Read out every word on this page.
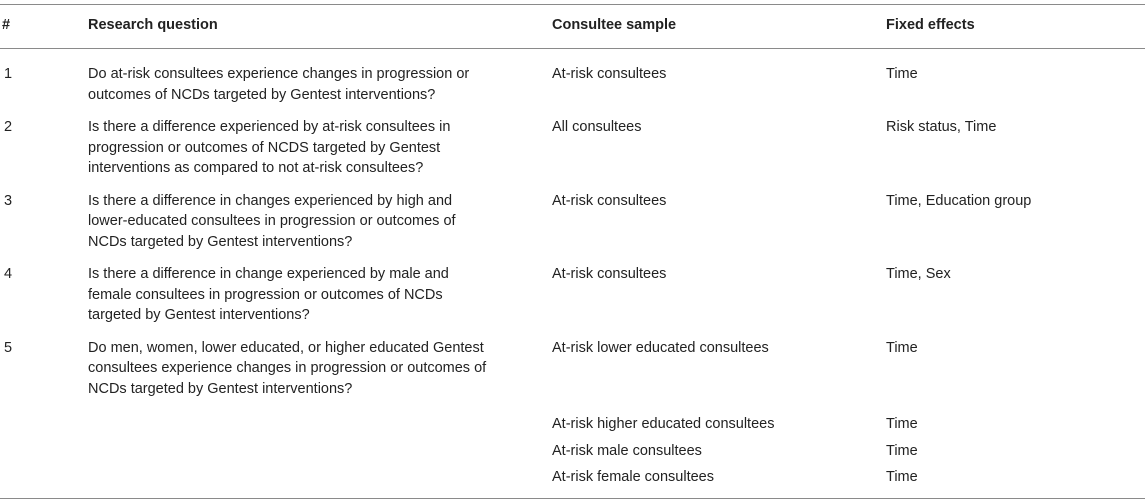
#	Research question	Consultee sample	Fixed effects
1	Do at-risk consultees experience changes in progression or outcomes of NCDs targeted by Gentest interventions?	At-risk consultees	Time
2	Is there a difference experienced by at-risk consultees in progression or outcomes of NCDS targeted by Gentest interventions as compared to not at-risk consultees?	All consultees	Risk status, Time
3	Is there a difference in changes experienced by high and lower-educated consultees in progression or outcomes of NCDs targeted by Gentest interventions?	At-risk consultees	Time, Education group
4	Is there a difference in change experienced by male and female consultees in progression or outcomes of NCDs targeted by Gentest interventions?	At-risk consultees	Time, Sex
5	Do men, women, lower educated, or higher educated Gentest consultees experience changes in progression or outcomes of NCDs targeted by Gentest interventions?	At-risk lower educated consultees	Time
		At-risk higher educated consultees	Time
		At-risk male consultees	Time
		At-risk female consultees	Time
